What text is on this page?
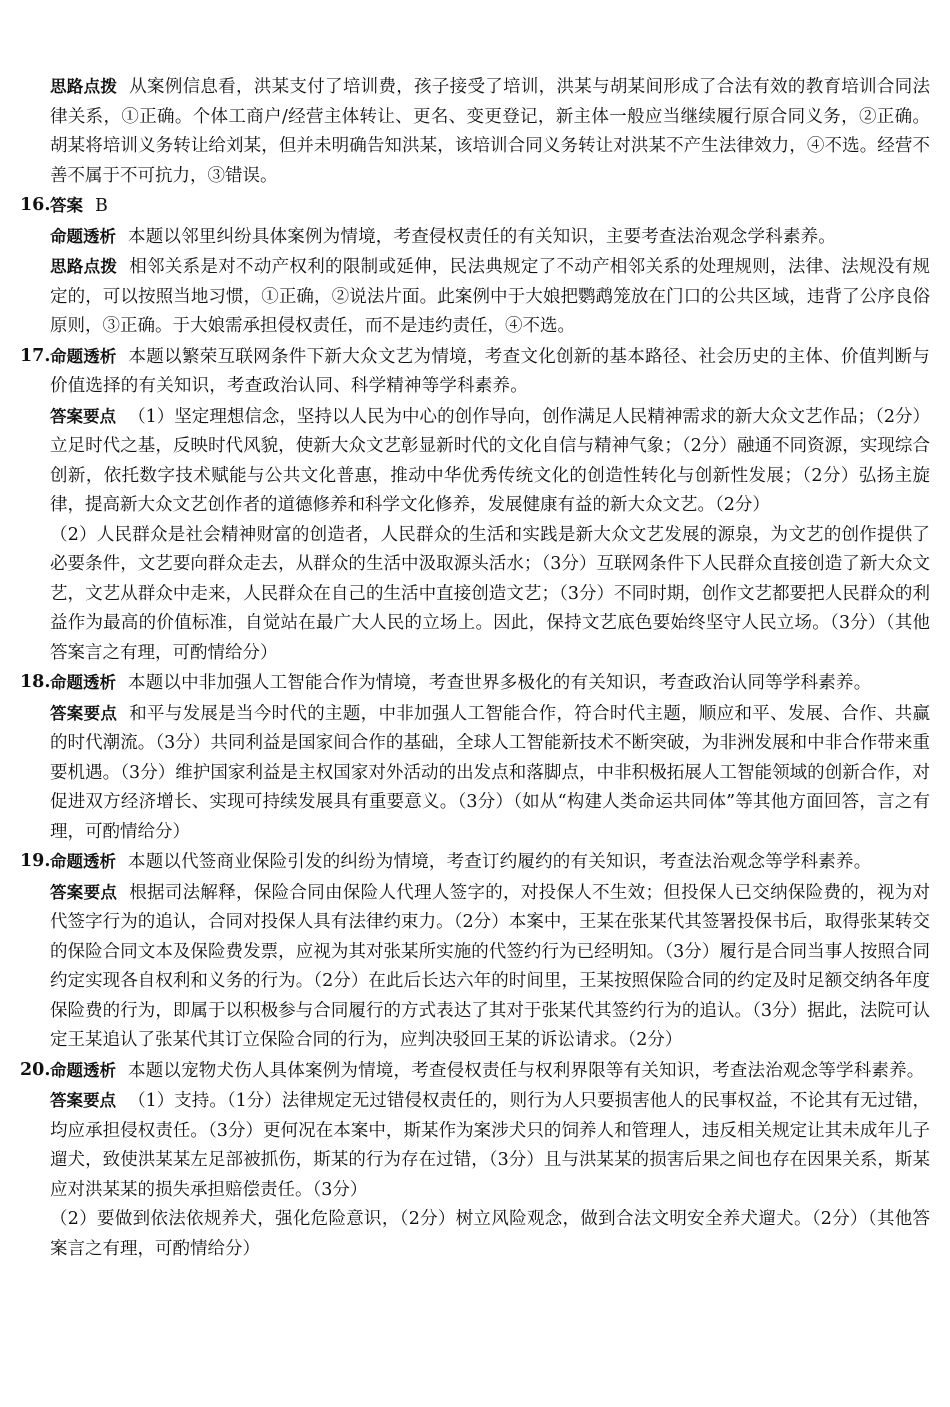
思路点拨 从案例信息看，洪某支付了培训费，孩子接受了培训，洪某与胡某间形成了合法有效的教育培训合同法律关系，①正确。个体工商户/经营主体转让、更名、变更登记，新主体一般应当继续履行原合同义务，②正确。胡某将培训义务转让给刘某，但并未明确告知洪某，该培训合同义务转让对洪某不产生法律效力，④不选。经营不善不属于不可抗力，③错误。

16. 答案 B

命题透析 本题以邻里纠纷具体案例为情境，考查侵权责任的有关知识，主要考查法治观念学科素养。

思路点拨 相邻关系是对不动产权利的限制或延伸，民法典规定了不动产相邻关系的处理规则，法律、法规没有规定的，可以按照当地习惯，①正确，②说法片面。此案例中于大娘把鹦鹉笼放在门口的公共区域，违背了公序良俗原则，③正确。于大娘需承担侵权责任，而不是违约责任，④不选。

17. 命题透析 本题以繁荣互联网条件下新大众文艺为情境，考查文化创新的基本路径、社会历史的主体、价值判断与价值选择的有关知识，考查政治认同、科学精神等学科素养。

答案要点 （1）坚定理想信念，坚持以人民为中心的创作导向，创作满足人民精神需求的新大众文艺作品；（2分）立足时代之基，反映时代风貌，使新大众文艺彰显新时代的文化自信与精神气象；（2分）融通不同资源，实现综合创新，依托数字技术赋能与公共文化普惠，推动中华优秀传统文化的创造性转化与创新性发展；（2分）弘扬主旋律，提高新大众文艺创作者的道德修养和科学文化修养，发展健康有益的新大众文艺。（2分）

（2）人民群众是社会精神财富的创造者，人民群众的生活和实践是新大众文艺发展的源泉，为文艺的创作提供了必要条件，文艺要向群众走去，从群众的生活中汲取源头活水；（3分）互联网条件下人民群众直接创造了新大众文艺，文艺从群众中走来，人民群众在自己的生活中直接创造文艺；（3分）不同时期，创作文艺都要把人民群众的利益作为最高的价值标准，自觉站在最广大人民的立场上。因此，保持文艺底色要始终坚守人民立场。（3分）（其他答案言之有理，可酌情给分）

18. 命题透析 本题以中非加强人工智能合作为情境，考查世界多极化的有关知识，考查政治认同等学科素养。

答案要点 和平与发展是当今时代的主题，中非加强人工智能合作，符合时代主题，顺应和平、发展、合作、共赢的时代潮流。（3分）共同利益是国家间合作的基础，全球人工智能新技术不断突破，为非洲发展和中非合作带来重要机遇。（3分）维护国家利益是主权国家对外活动的出发点和落脚点，中非积极拓展人工智能领域的创新合作，对促进双方经济增长、实现可持续发展具有重要意义。（3分）（如从“构建人类命运共同体”等其他方面回答，言之有理，可酌情给分）

19. 命题透析 本题以代签商业保险引发的纠纷为情境，考查订约履约的有关知识，考查法治观念等学科素养。

答案要点 根据司法解释，保险合同由保险人代理人签字的，对投保人不生效；但投保人已交纳保险费的，视为对代签字行为的追认，合同对投保人具有法律约束力。（2分）本案中，王某在张某代其签署投保书后，取得张某转交的保险合同文本及保险费发票，应视为其对张某所实施的代签约行为已经明知。（3分）履行是合同当事人按照合同约定实现各自权利和义务的行为。（2分）在此后长达六年的时间里，王某按照保险合同的约定及时足额交纳各年度保险费的行为，即属于以积极参与合同履行的方式表达了其对于张某代其签约行为的追认。（3分）据此，法院可认定王某追认了张某代其订立保险合同的行为，应判决驳回王某的诉讼请求。（2分）

20. 命题透析 本题以宠物犬伤人具体案例为情境，考查侵权责任与权利界限等有关知识，考查法治观念等学科素养。

答案要点 （1）支持。（1分）法律规定无过错侵权责任的，则行为人只要损害他人的民事权益，不论其有无过错，均应承担侵权责任。（3分）更何况在本案中，斯某作为案涉犬只的饲养人和管理人，违反相关规定让其未成年儿子遛犬，致使洪某某左足部被抓伤，斯某的行为存在过错，（3分）且与洪某某的损害后果之间也存在因果关系，斯某应对洪某某的损失承担赔偿责任。（3分）

（2）要做到依法依规养犬，强化危险意识，（2分）树立风险观念，做到合法文明安全养犬遛犬。（2分）（其他答案言之有理，可酌情给分）
